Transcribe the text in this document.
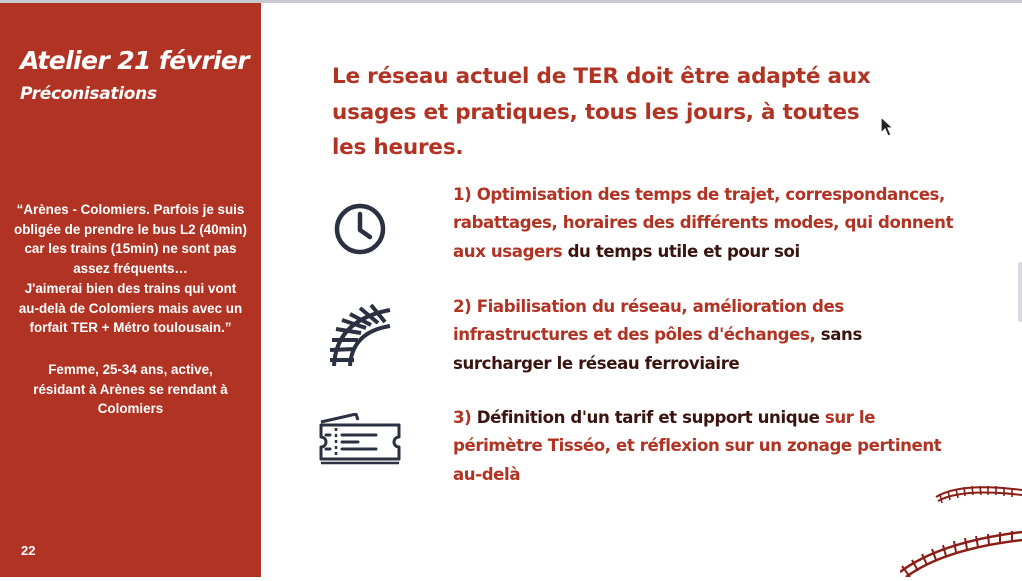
Atelier 21 février
Préconisations
“Arènes - Colomiers. Parfois je suis
obligée de prendre le bus L2 (40min)
car les trains (15min) ne sont pas
assez fréquents…
J'aimerai bien des trains qui vont
au-delà de Colomiers mais avec un
forfait TER + Métro toulousain.”
Femme, 25-34 ans, active,
résidant à Arènes se rendant à
Colomiers
22
Le réseau actuel de TER doit être adapté aux
usages et pratiques, tous les jours, à toutes
les heures.
1) Optimisation des temps de trajet, correspondances,
rabattages, horaires des différents modes, qui donnent
aux usagers du temps utile et pour soi
2) Fiabilisation du réseau, amélioration des
infrastructures et des pôles d'échanges, sans
surcharger le réseau ferroviaire
3) Définition d'un tarif et support unique sur le
périmètre Tisséo, et réflexion sur un zonage pertinent
au-delà
